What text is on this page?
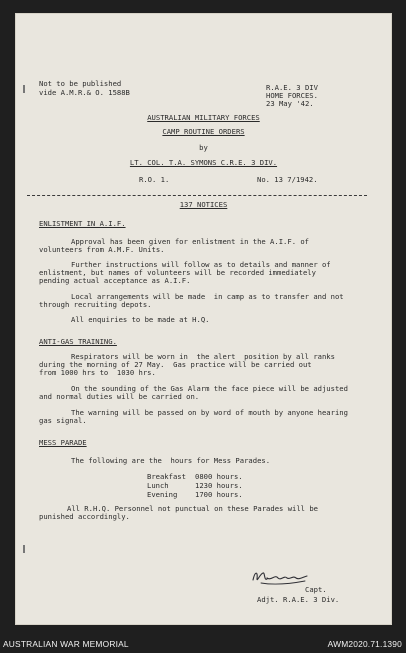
Not to be published
vide A.M.R.& O. 1588B
R.A.E. 3 DIV
HOME FORCES.
23 May '42.
AUSTRALIAN MILITARY FORCES
CAMP ROUTINE ORDERS
by
LT. COL. T.A. SYMONS C.R.E. 3 DIV.
R.O. 1.	No. 13 7/1942.
137 NOTICES
ENLISTMENT IN A.I.F.
Approval has been given for enlistment in the A.I.F. of
volunteers from A.M.F. Units.
Further instructions will follow as to details and manner of
enlistment, but names of volunteers will be recorded immediately
pending actual acceptance as A.I.F.
Local arrangements will be made  in camp as to transfer and not
through recruiting depots.
All enquiries to be made at H.Q.
ANTI-GAS TRAINING.
Respirators will be worn in  the alert  position by all ranks
during the morning of 27 May.  Gas practice will be carried out
from 1000 hrs to  1030 hrs.
On the sounding of the Gas Alarm the face piece will be adjusted
and normal duties will be carried on.
The warning will be passed on by word of mouth by anyone hearing
gas signal.
MESS PARADE
The following are the  hours for Mess Parades.
Breakfast 0800 hours.
Lunch	1230 hours.
Evening 1700 hours.
All R.H.Q. Personnel not punctual on these Parades will be
punished accordingly.
Capt.
Adjt. R.A.E. 3 Div.
AUSTRALIAN WAR MEMORIAL	AWM2020.71.1390
